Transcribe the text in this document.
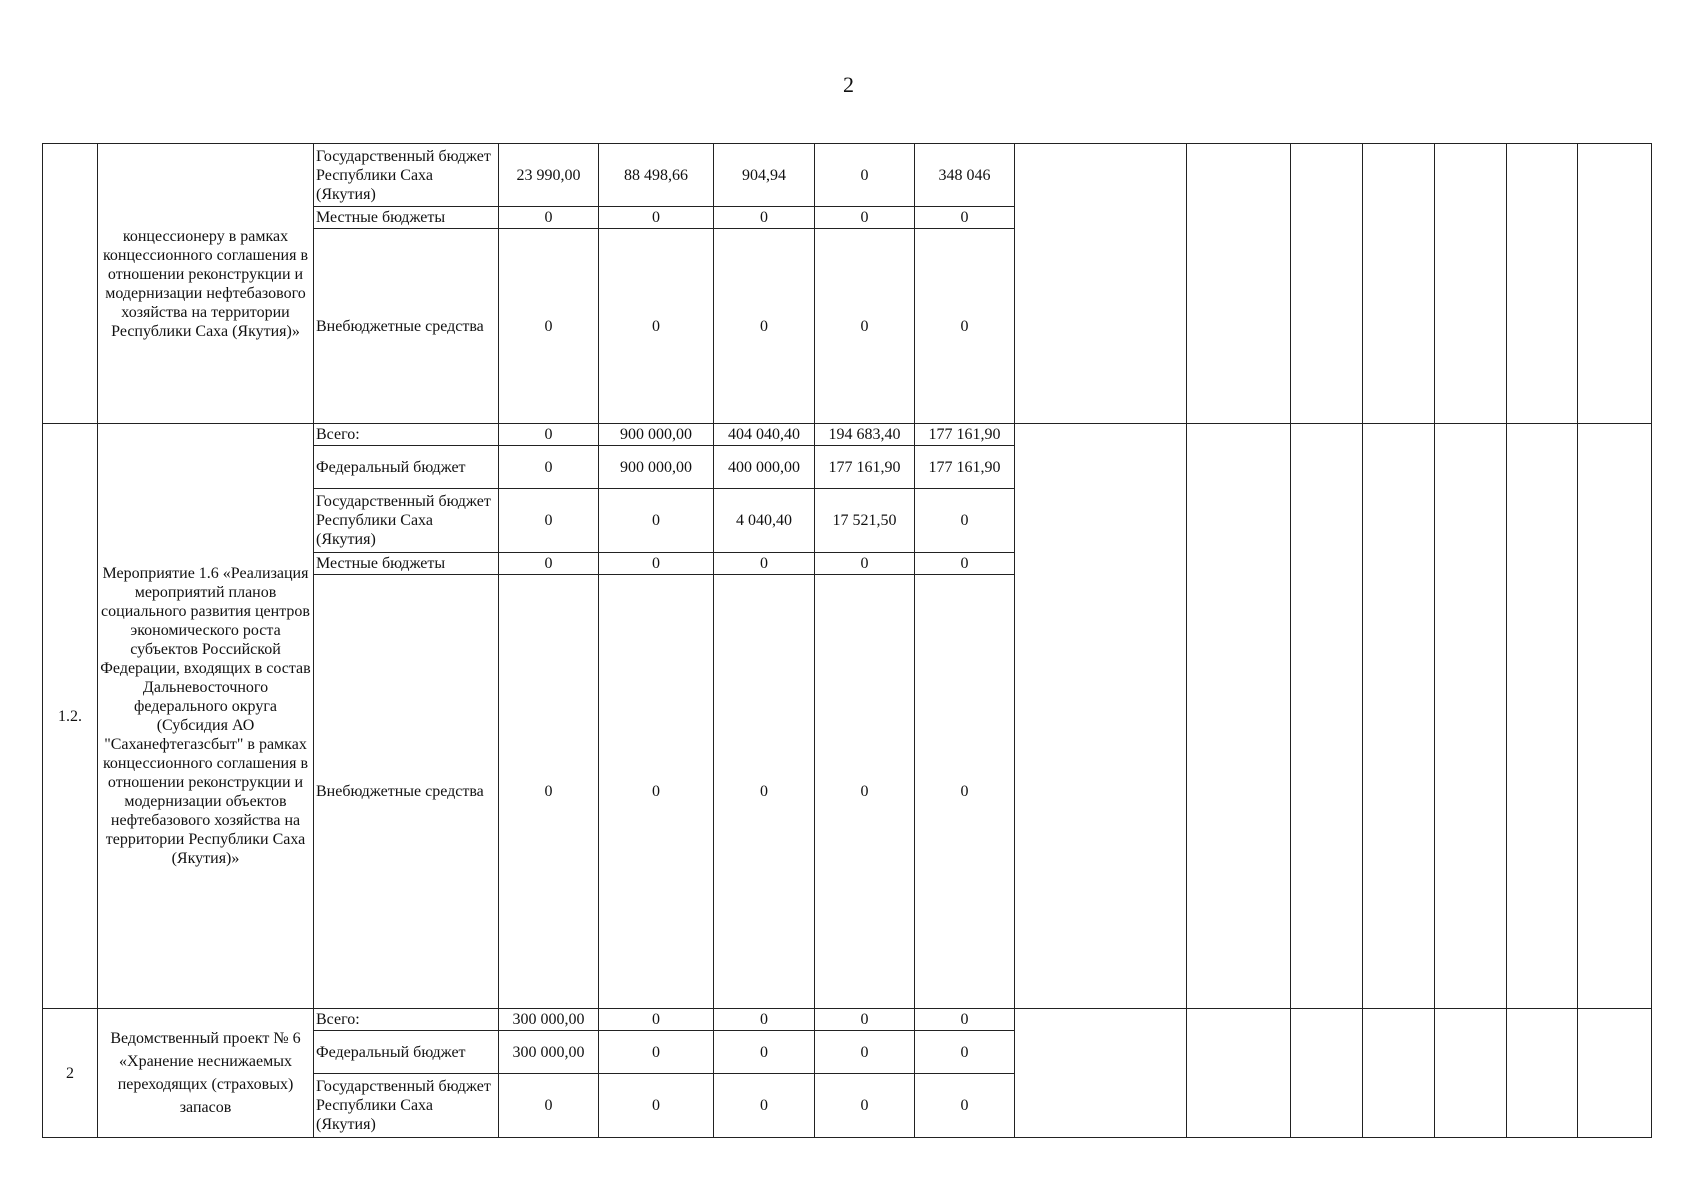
2
	концессионеру в рамках концессионного соглашения в отношении реконструкции и модернизации нефтебазового хозяйства на территории Республики Саха (Якутия)»	Государственный бюджет Республики Саха (Якутия)	23 990,00	88 498,66	904,94	0	348 046							
		Местные бюджеты	0	0	0	0	0							
		Внебюджетные средства	0	0	0	0	0							
1.2.	Мероприятие 1.6 «Реализация мероприятий планов социального развития центров экономического роста субъектов Российской Федерации, входящих в состав Дальневосточного федерального округа (Субсидия АО "Саханефтегазсбыт" в рамках концессионного соглашения в отношении реконструкции и модернизации объектов нефтебазового хозяйства на территории Республики Саха (Якутия)»	Всего:	0	900 000,00	404 040,40	194 683,40	177 161,90							
		Федеральный бюджет	0	900 000,00	400 000,00	177 161,90	177 161,90							
		Государственный бюджет Республики Саха (Якутия)	0	0	4 040,40	17 521,50	0							
		Местные бюджеты	0	0	0	0	0							
		Внебюджетные средства	0	0	0	0	0							
2	Ведомственный проект № 6 «Хранение неснижаемых переходящих (страховых) запасов	Всего:	300 000,00	0	0	0	0							
		Федеральный бюджет	300 000,00	0	0	0	0							
		Государственный бюджет Республики Саха (Якутия)	0	0	0	0	0							
